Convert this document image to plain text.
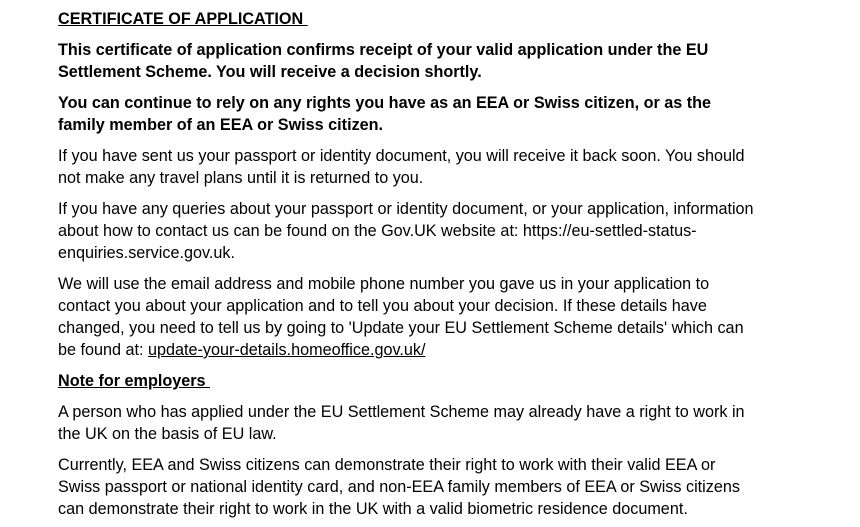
CERTIFICATE OF APPLICATION

This certificate of application confirms receipt of your valid application under the EU Settlement Scheme. You will receive a decision shortly.

You can continue to rely on any rights you have as an EEA or Swiss citizen, or as the family member of an EEA or Swiss citizen.

If you have sent us your passport or identity document, you will receive it back soon. You should not make any travel plans until it is returned to you.

If you have any queries about your passport or identity document, or your application, information about how to contact us can be found on the Gov.UK website at: https://eu-settled-status-enquiries.service.gov.uk.

We will use the email address and mobile phone number you gave us in your application to contact you about your application and to tell you about your decision. If these details have changed, you need to tell us by going to 'Update your EU Settlement Scheme details' which can be found at: update-your-details.homeoffice.gov.uk/

Note for employers

A person who has applied under the EU Settlement Scheme may already have a right to work in the UK on the basis of EU law.

Currently, EEA and Swiss citizens can demonstrate their right to work with their valid EEA or Swiss passport or national identity card, and non-EEA family members of EEA or Swiss citizens can demonstrate their right to work in the UK with a valid biometric residence document.
